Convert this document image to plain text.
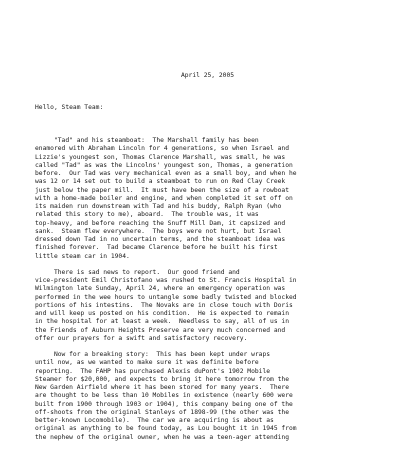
April 25, 2005

Hello, Steam Team:

"Tad" and his steamboat:  The Marshall family has been
enamored with Abraham Lincoln for 4 generations, so when Israel and
Lizzie's youngest son, Thomas Clarence Marshall, was small, he was
called "Tad" as was the Lincolns' youngest son, Thomas, a generation
before.  Our Tad was very mechanical even as a small boy, and when he
was 12 or 14 set out to build a steamboat to run on Red Clay Creek
just below the paper mill.  It must have been the size of a rowboat
with a home-made boiler and engine, and when completed it set off on
its maiden run downstream with Tad and his buddy, Ralph Ryan (who
related this story to me), aboard.  The trouble was, it was
top-heavy, and before reaching the Snuff Mill Dam, it capsized and
sank.  Steam flew everywhere.  The boys were not hurt, but Israel
dressed down Tad in no uncertain terms, and the steamboat idea was
finished forever.  Tad became Clarence before he built his first
little steam car in 1904.
There is sad news to report.  Our good friend and
vice-president Emil Christofano was rushed to St. Francis Hospital in
Wilmington late Sunday, April 24, where an emergency operation was
performed in the wee hours to untangle some badly twisted and blocked
portions of his intestins.  The Novaks are in close touch with Doris
and will keep us posted on his condition.  He is expected to remain
in the hospital for at least a week.  Needless to say, all of us in
the Friends of Auburn Heights Preserve are very much concerned and
offer our prayers for a swift and satisfactory recovery.
Now for a breaking story:  This has been kept under wraps
until now, as we wanted to make sure it was definite before
reporting.  The FAHP has purchased Alexis duPont's 1902 Mobile
Steamer for $20,000, and expects to bring it here tomorrow from the
New Garden Airfield where it has been stored for many years.  There
are thought to be less than 10 Mobiles in existence (nearly 600 were
built from 1900 through 1903 or 1904), this company being one of the
off-shoots from the original Stanleys of 1898-99 (the other was the
better-known Locomobile).  The car we are acquiring is about as
original as anything to be found today, as Lou bought it in 1945 from
the nephew of the original owner, when he was a teen-ager attending
